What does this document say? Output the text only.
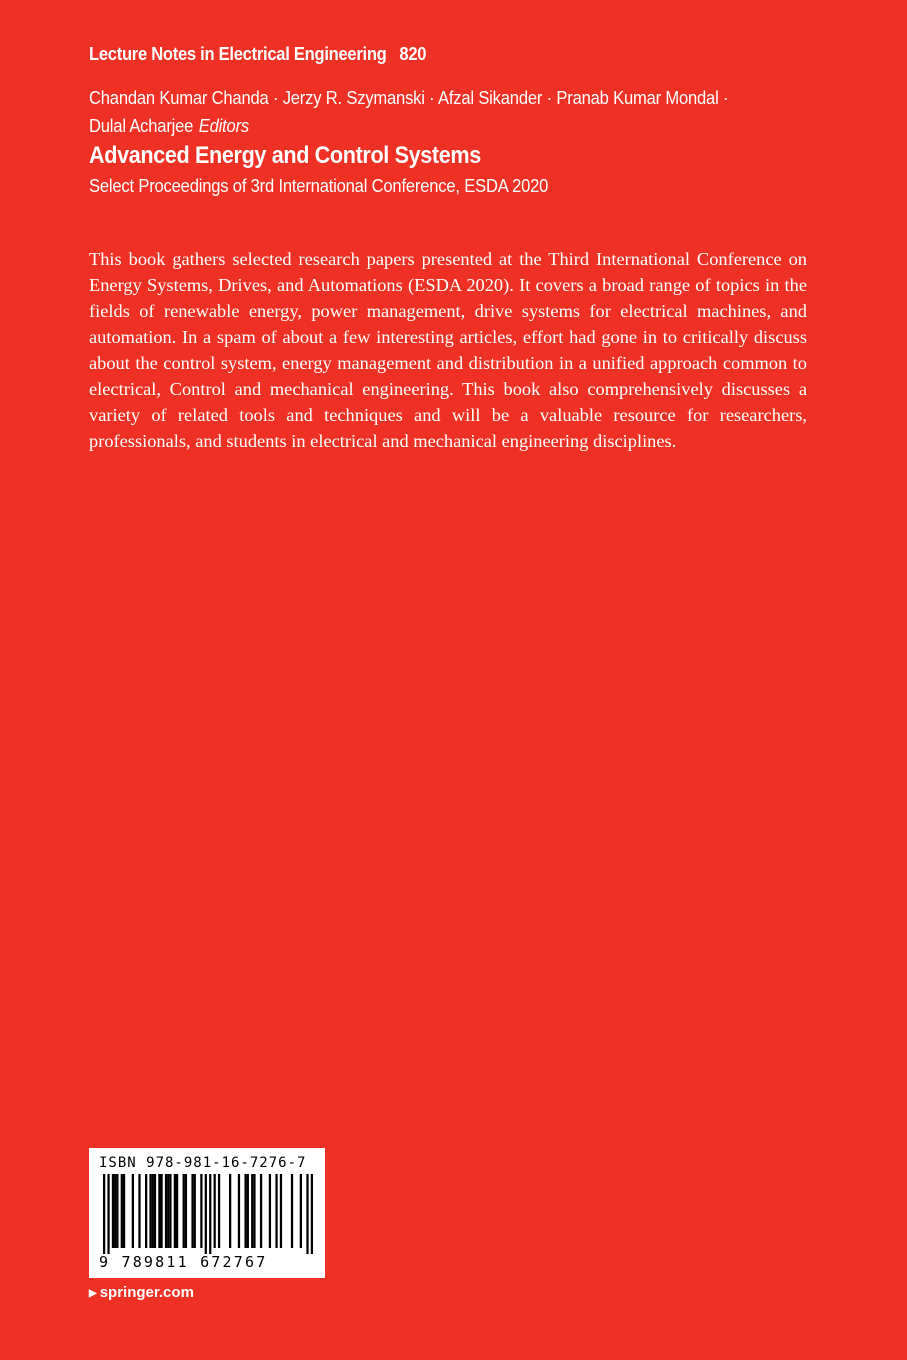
Lecture Notes in Electrical Engineering 820
Chandan Kumar Chanda · Jerzy R. Szymanski · Afzal Sikander · Pranab Kumar Mondal ·
Dulal Acharjee Editors
Advanced Energy and Control Systems
Select Proceedings of 3rd International Conference, ESDA 2020

This book gathers selected research papers presented at the Third International Conference on Energy Systems, Drives, and Automations (ESDA 2020). It covers a broad range of topics in the fields of renewable energy, power management, drive systems for electrical machines, and automation. In a spam of about a few interesting articles, effort had gone in to critically discuss about the control system, energy management and distribution in a unified approach common to electrical, Control and mechanical engineering. This book also comprehensively discusses a variety of related tools and techniques and will be a valuable resource for researchers, professionals, and students in electrical and mechanical engineering disciplines.

ISBN 978-981-16-7276-7
9 789811 672767
▶ springer.com
